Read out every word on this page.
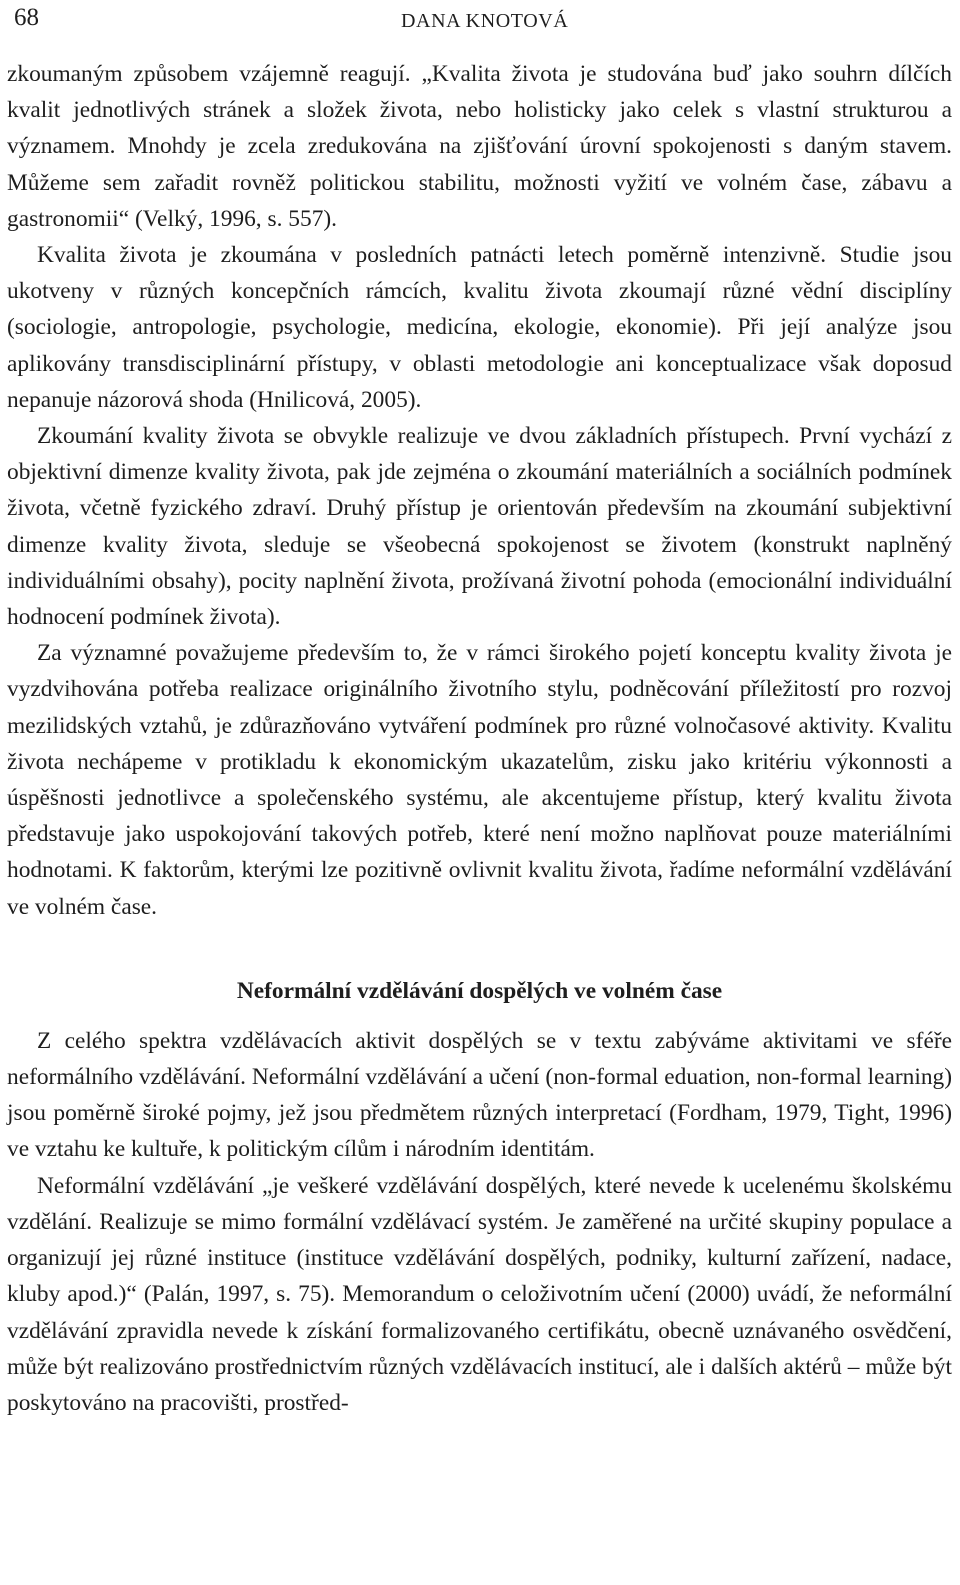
68	DANA KNOTOVÁ

zkoumaným způsobem vzájemně reagují. „Kvalita života je studována buď jako souhrn dílčích kvalit jednotlivých stránek a složek života, nebo holisticky jako celek s vlastní strukturou a významem. Mnohdy je zcela zredukována na zjišťování úrovní spokojenosti s daným stavem. Můžeme sem zařadit rovněž politickou stabilitu, možnosti vyžití ve volném čase, zábavu a gastronomii“ (Velký, 1996, s. 557).

Kvalita života je zkoumána v posledních patnácti letech poměrně intenzivně. Studie jsou ukotveny v různých koncepčních rámcích, kvalitu života zkoumají různé vědní disciplíny (sociologie, antropologie, psychologie, medicína, ekologie, ekonomie). Při její analýze jsou aplikovány transdisciplinární přístupy, v oblasti metodologie ani konceptualizace však doposud nepanuje názorová shoda (Hnilicová, 2005).

Zkoumání kvality života se obvykle realizuje ve dvou základních přístupech. První vychází z objektivní dimenze kvality života, pak jde zejména o zkoumání materiálních a sociálních podmínek života, včetně fyzického zdraví. Druhý přístup je orientován především na zkoumání subjektivní dimenze kvality života, sleduje se všeobecná spokojenost se životem (konstrukt naplněný individuálními obsahy), pocity naplnění života, prožívaná životní pohoda (emocionální individuální hodnocení podmínek života).

Za významné považujeme především to, že v rámci širokého pojetí konceptu kvality života je vyzdvihována potřeba realizace originálního životního stylu, podněcování příležitostí pro rozvoj mezilidských vztahů, je zdůrazňováno vytváření podmínek pro různé volnočasové aktivity. Kvalitu života nechápeme v protikladu k ekonomickým ukazatelům, zisku jako kritériu výkonnosti a úspěšnosti jednotlivce a společenského systému, ale akcentujeme přístup, který kvalitu života představuje jako uspokojování takových potřeb, které není možno naplňovat pouze materiálními hodnotami. K faktorům, kterými lze pozitivně ovlivnit kvalitu života, řadíme neformální vzdělávání ve volném čase.

Neformální vzdělávání dospělých ve volném čase

Z celého spektra vzdělávacích aktivit dospělých se v textu zabýváme aktivitami ve sféře neformálního vzdělávání. Neformální vzdělávání a učení (non-formal eduation, non-formal learning) jsou poměrně široké pojmy, jež jsou předmětem různých interpretací (Fordham, 1979, Tight, 1996) ve vztahu ke kultuře, k politickým cílům i národním identitám.

Neformální vzdělávání „je veškeré vzdělávání dospělých, které nevede k ucelenému školskému vzdělání. Realizuje se mimo formální vzdělávací systém. Je zaměřené na určité skupiny populace a organizují jej různé instituce (instituce vzdělávání dospělých, podniky, kulturní zařízení, nadace, kluby apod.)“ (Palán, 1997, s. 75). Memorandum o celoživotním učení (2000) uvádí, že neformální vzdělávání zpravidla nevede k získání formalizovaného certifikátu, obecně uznávaného osvědčení, může být realizováno prostřednictvím různých vzdělávacích institucí, ale i dalších aktérů – může být poskytováno na pracovišti, prostřed-
